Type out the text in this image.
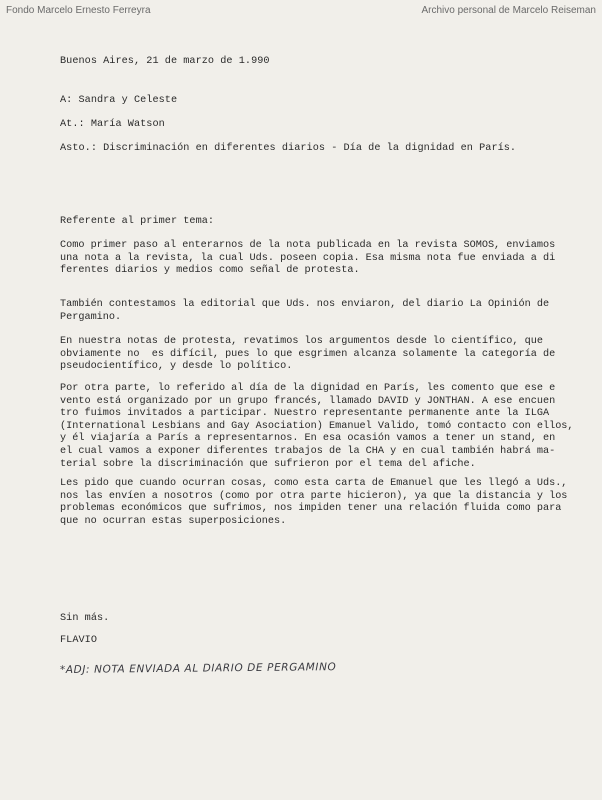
Fondo Marcelo Ernesto Ferreyra	Archivo personal de Marcelo Reiseman
Buenos Aires, 21 de marzo de 1.990
A: Sandra y Celeste
At.: María Watson
Asto.: Discriminación en diferentes diarios - Día de la dignidad en París.
Referente al primer tema:
Como primer paso al enterarnos de la nota publicada en la revista SOMOS, enviamos
una nota a la revista, la cual Uds. poseen copia. Esa misma nota fue enviada a di
ferentes diarios y medios como señal de protesta.
También contestamos la editorial que Uds. nos enviaron, del diario La Opinión de
Pergamino.
En nuestra notas de protesta, revatimos los argumentos desde lo científico, que
obviamente no  es difícil, pues lo que esgrimen alcanza solamente la categoría de
pseudocientífico, y desde lo político.
Por otra parte, lo referido al día de la dignidad en París, les comento que ese e
vento está organizado por un grupo francés, llamado DAVID y JONTHAN. A ese encuen
tro fuimos invitados a participar. Nuestro representante permanente ante la ILGA
(International Lesbians and Gay Asociation) Emanuel Valido, tomó contacto con ellos,
y él viajaría a París a representarnos. En esa ocasión vamos a tener un stand, en
el cual vamos a exponer diferentes trabajos de la CHA y en cual también habrá ma-
terial sobre la discriminación que sufrieron por el tema del afiche.
Les pido que cuando ocurran cosas, como esta carta de Emanuel que les llegó a Uds.,
nos las envíen a nosotros (como por otra parte hicieron), ya que la distancia y los
problemas económicos que sufrimos, nos impiden tener una relación fluida como para
que no ocurran estas superposiciones.
Sin más.
FLAVIO
*ADJ: NOTA ENVIADA AL DIARIO DE PERGAMINO
